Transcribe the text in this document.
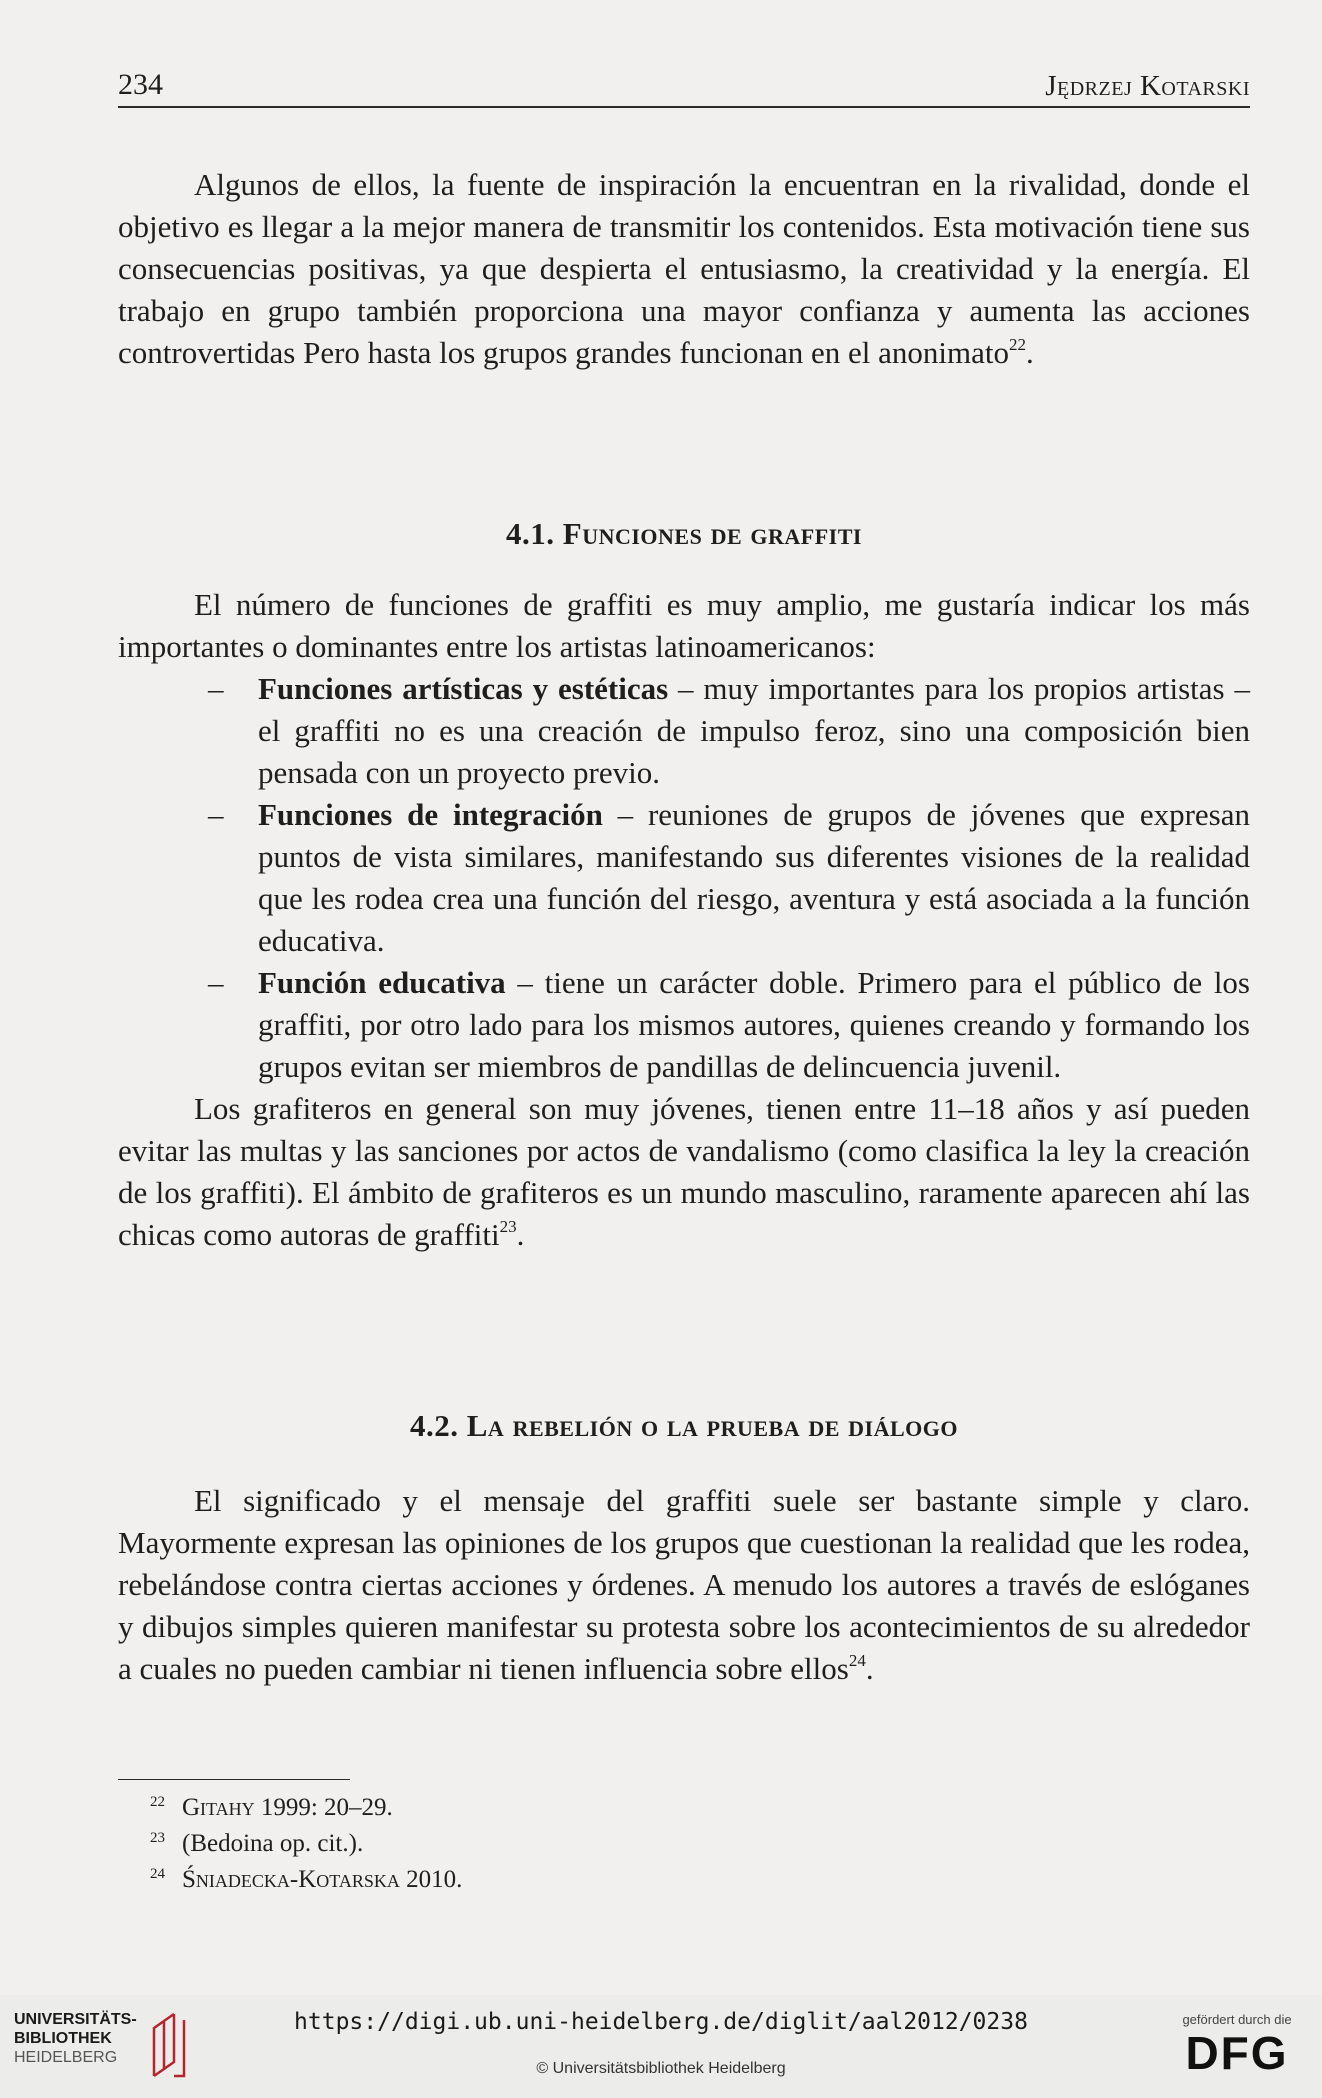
234	Jędrzej Kotarski

Algunos de ellos, la fuente de inspiración la encuentran en la rivalidad, donde el objetivo es llegar a la mejor manera de transmitir los contenidos. Esta motivación tiene sus consecuencias positivas, ya que despierta el entusiasmo, la creatividad y la energía. El trabajo en grupo también proporciona una mayor confianza y aumenta las acciones controvertidas Pero hasta los grupos grandes funcionan en el anonimato$^{22}$.

4.1. Funciones de graffiti

El número de funciones de graffiti es muy amplio, me gustaría indicar los más importantes o dominantes entre los artistas latinoamericanos:

– Funciones artísticas y estéticas – muy importantes para los propios artistas – el graffiti no es una creación de impulso feroz, sino una composición bien pensada con un proyecto previo.
– Funciones de integración – reuniones de grupos de jóvenes que expresan puntos de vista similares, manifestando sus diferentes visiones de la realidad que les rodea crea una función del riesgo, aventura y está asociada a la función educativa.
– Función educativa – tiene un carácter doble. Primero para el público de los graffiti, por otro lado para los mismos autores, quienes creando y formando los grupos evitan ser miembros de pandillas de delincuencia juvenil.

Los grafiteros en general son muy jóvenes, tienen entre 11–18 años y así pueden evitar las multas y las sanciones por actos de vandalismo (como clasifica la ley la creación de los graffiti). El ámbito de grafiteros es un mundo masculino, raramente aparecen ahí las chicas como autoras de graffiti$^{23}$.

4.2. La rebelión o la prueba de diálogo

El significado y el mensaje del graffiti suele ser bastante simple y claro. Mayormente expresan las opiniones de los grupos que cuestionan la realidad que les rodea, rebelándose contra ciertas acciones y órdenes. A menudo los autores a través de eslóganes y dibujos simples quieren manifestar su protesta sobre los acontecimientos de su alrededor a cuales no pueden cambiar ni tienen influencia sobre ellos$^{24}$.

22 Gitahy 1999: 20–29.
23 (Bedoina op. cit.).
24 Śniadecka-Kotarska 2010.
UNIVERSITÄTS-
BIBLIOTHEK
HEIDELBERG
https://digi.ub.uni-heidelberg.de/diglit/aal2012/0238
© Universitätsbibliothek Heidelberg
gefördert durch die
DFG
